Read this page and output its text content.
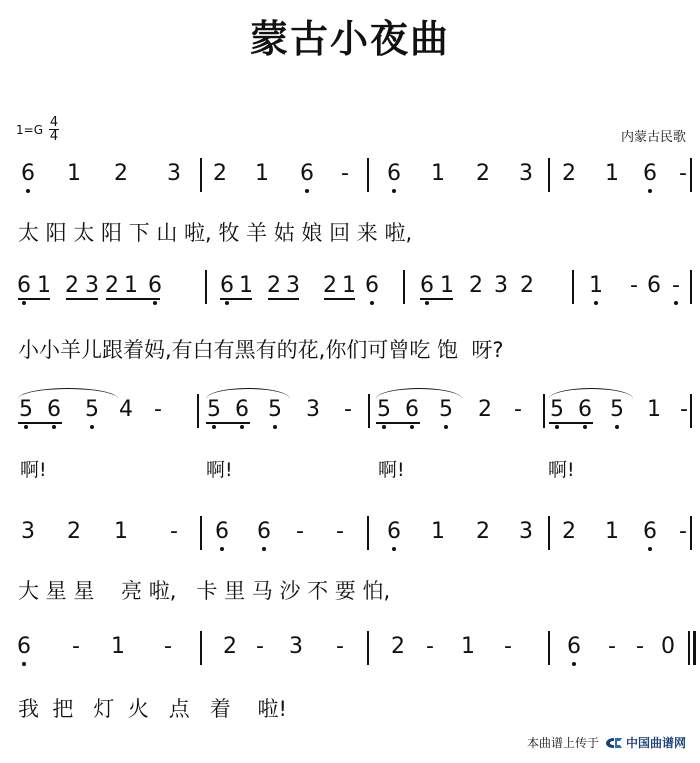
蒙古小夜曲
$1=G \frac{4}{4}$	内蒙古民歌
6 1 2 3 2 1 6 - 6 1 2 3 2 1 6 -
太 阳 太 阳 下 山 啦, 牧 羊 姑 娘 回 来 啦,
6 1 2 3 2 1 6	6 1 2 3 2 1 6 6 1 2 3 2	1 - 6 -
小小羊儿跟着妈,有白有黑有的花,你们可曾吃 饱  呀?
5 6 5 4 - 5 6 5 3 - 5 6 5 2 - 5 6 5 1 -
啊!	啊!	啊!	啊!
3 2 1 - 6 6 - - 6 1 2 3 2 1 6 -
大 星 星    亮 啦,   卡 里 马 沙 不 要 怕,
6 - 1 - 2 - 3 - 2 - 1 -	6 - - 0
我  把   灯  火   点   着    啦!
本曲谱上传于 中国曲谱网
